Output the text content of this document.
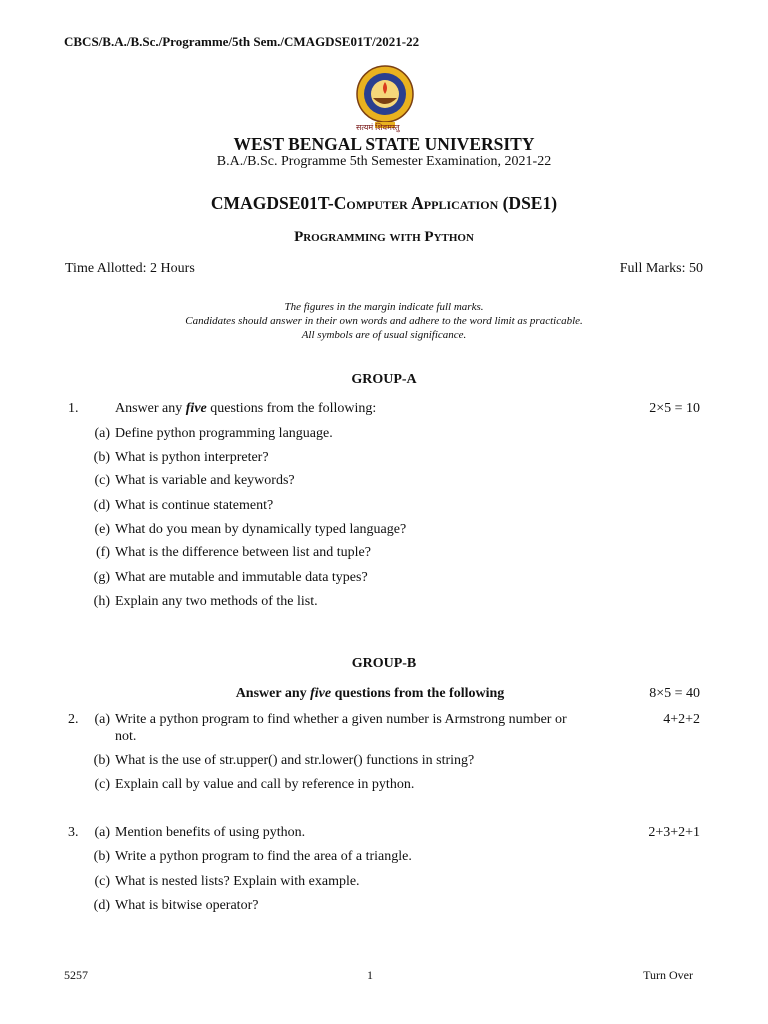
CBCS/B.A./B.Sc./Programme/5th Sem./CMAGDSE01T/2021-22
सत्यमं शिवमस्तु
WEST BENGAL STATE UNIVERSITY
B.A./B.Sc. Programme 5th Semester Examination, 2021-22
CMAGDSE01T-Computer Application (DSE1)
Programming with Python
Time Allotted: 2 Hours	Full Marks: 50
The figures in the margin indicate full marks.
Candidates should answer in their own words and adhere to the word limit as practicable.
All symbols are of usual significance.
GROUP-A
1.	Answer any five questions from the following:	2×5 = 10
(a) Define python programming language.
(b) What is python interpreter?
(c) What is variable and keywords?
(d) What is continue statement?
(e) What do you mean by dynamically typed language?
(f) What is the difference between list and tuple?
(g) What are mutable and immutable data types?
(h) Explain any two methods of the list.
GROUP-B
Answer any five questions from the following	8×5 = 40
2.	(a) Write a python program to find whether a given number is Armstrong number or	4+2+2
not.
(b) What is the use of str.upper() and str.lower() functions in string?
(c) Explain call by value and call by reference in python.
3.	(a) Mention benefits of using python.	2+3+2+1
(b) Write a python program to find the area of a triangle.
(c) What is nested lists? Explain with example.
(d) What is bitwise operator?
5257	1	Turn Over
